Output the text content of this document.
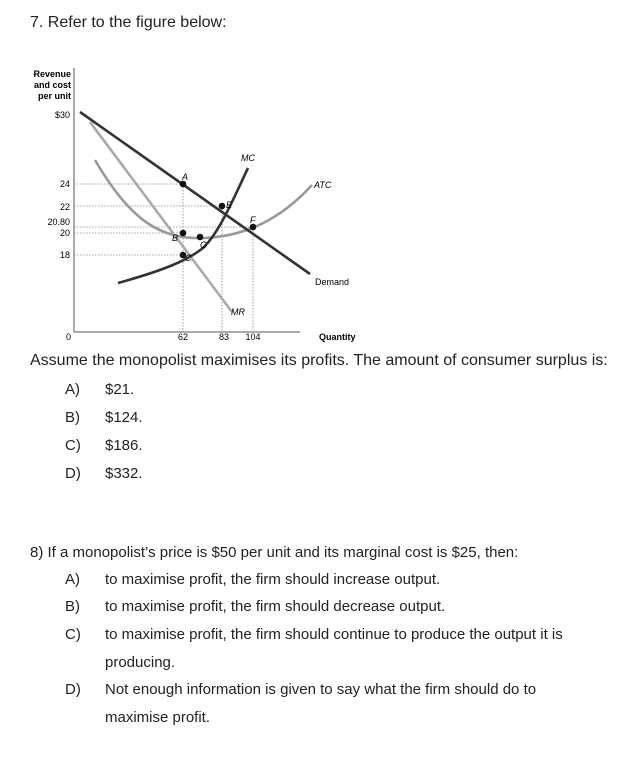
7. Refer to the figure below:
Revenue
and cost
per unit
$30
24
22
20.80
20
18
A
B
C
E
F
G
MC
ATC
Demand
MR
0	62	83 104	Quantity
Assume the monopolist maximises its profits. The amount of consumer surplus is:
A) $21.
B) $124.
C) $186.
D) $332.
8) If a monopolist’s price is $50 per unit and its marginal cost is $25, then:
A) to maximise profit, the firm should increase output.
B) to maximise profit, the firm should decrease output.
C) to maximise profit, the firm should continue to produce the output it is producing.
D) Not enough information is given to say what the firm should do to maximise profit.
